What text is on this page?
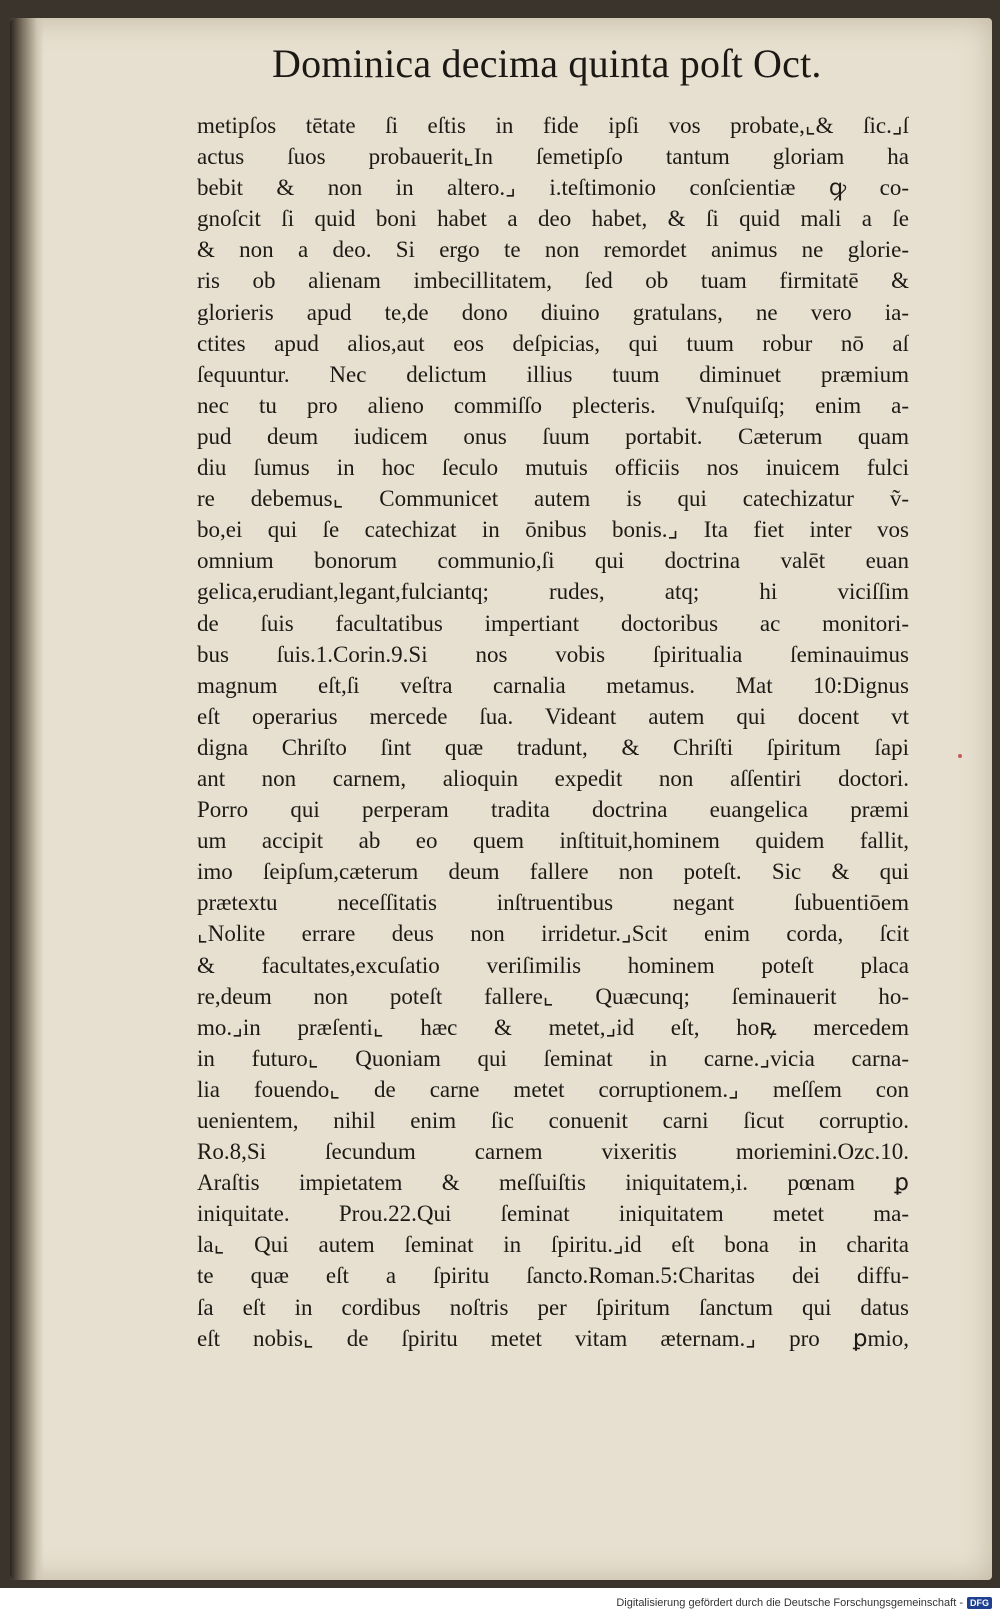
Dominica decima quinta poſt Oct.
metipſos tētate ſi eſtis in fide ipſi vos probate,⌞& ſic.⌟ſ
actus ſuos probauerit⌞In ſemetipſo tantum gloriam ha
bebit & non in altero.⌟ i.teſtimonio conſcientiæ ꝙ co-
gnoſcit ſi quid boni habet a deo habet, & ſi quid mali a ſe
& non a deo. Si ergo te non remordet animus ne glorie-
ris ob alienam imbecillitatem, ſed ob tuam firmitatē &
glorieris apud te,de dono diuino gratulans, ne vero ia-
ctites apud alios,aut eos deſpicias, qui tuum robur nō aſ
ſequuntur. Nec delictum illius tuum diminuet præmium
nec tu pro alieno commiſſo plecteris. Vnuſquiſq; enim a-
pud deum iudicem onus ſuum portabit. Cæterum quam
diu ſumus in hoc ſeculo mutuis officiis nos inuicem fulci
re debemus⌞ Communicet autem is qui catechizatur ṽ-
bo,ei qui ſe catechizat in ōnibus bonis.⌟ Ita fiet inter vos
omnium bonorum communio,ſi qui doctrina valēt euan
gelica,erudiant,legant,fulciantq; rudes, atq; hi viciſſim
de ſuis facultatibus impertiant doctoribus ac monitori-
bus ſuis.1.Corin.9.Si nos vobis ſpiritualia ſeminauimus
magnum eſt,ſi veſtra carnalia metamus. Mat 10:Dignus
eſt operarius mercede ſua. Videant autem qui docent vt
digna Chriſto ſint quæ tradunt, & Chriſti ſpiritum ſapi
ant non carnem, alioquin expedit non aſſentiri doctori.
Porro qui perperam tradita doctrina euangelica præmi
um accipit ab eo quem inſtituit,hominem quidem fallit,
imo ſeipſum,cæterum deum fallere non poteſt. Sic & qui
prætextu neceſſitatis inſtruentibus negant ſubuentiōem
⌞Nolite errare deus non irridetur.⌟Scit enim corda, ſcit
& facultates,excuſatio veriſimilis hominem poteſt placa
re,deum non poteſt fallere⌞ Quæcunq; ſeminauerit ho-
mo.⌟in præſenti⌞ hæc & metet,⌟id eſt, hoꝶ mercedem
in futuro⌞ Quoniam qui ſeminat in carne.⌟vicia carna-
lia fouendo⌞ de carne metet corruptionem.⌟ meſſem con
uenientem, nihil enim ſic conuenit carni ſicut corruptio.
Ro.8,Si ſecundum carnem vixeritis moriemini.Ozc.10.
Araſtis impietatem & meſſuiſtis iniquitatem,i. pœnam ꝑ
iniquitate. Prou.22.Qui ſeminat iniquitatem metet ma-
la⌞ Qui autem ſeminat in ſpiritu.⌟id eſt bona in charita
te quæ eſt a ſpiritu ſancto.Roman.5:Charitas dei diffu-
ſa eſt in cordibus noſtris per ſpiritum ſanctum qui datus
eſt nobis⌞ de ſpiritu metet vitam æternam.⌟ pro ꝑmio,
Digitalisierung gefördert durch die Deutsche Forschungsgemeinschaft - DFG
